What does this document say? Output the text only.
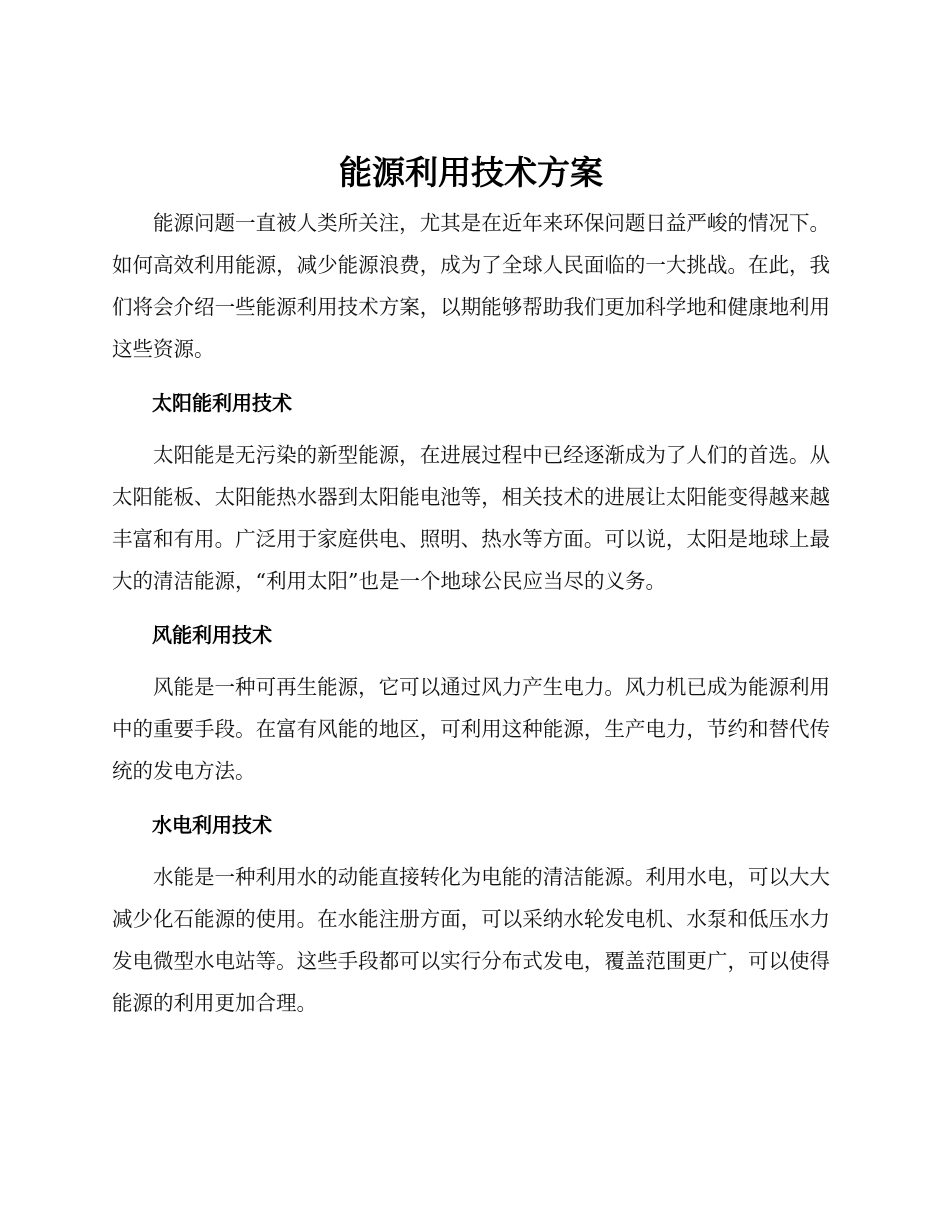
能源利用技术方案

能源问题一直被人类所关注，尤其是在近年来环保问题日益严峻的情况下。如何高效利用能源，减少能源浪费，成为了全球人民面临的一大挑战。在此，我们将会介绍一些能源利用技术方案，以期能够帮助我们更加科学地和健康地利用这些资源。

太阳能利用技术

太阳能是无污染的新型能源，在进展过程中已经逐渐成为了人们的首选。从太阳能板、太阳能热水器到太阳能电池等，相关技术的进展让太阳能变得越来越丰富和有用。广泛用于家庭供电、照明、热水等方面。可以说，太阳是地球上最大的清洁能源，“利用太阳”也是一个地球公民应当尽的义务。

风能利用技术

风能是一种可再生能源，它可以通过风力产生电力。风力机已成为能源利用中的重要手段。在富有风能的地区，可利用这种能源，生产电力，节约和替代传统的发电方法。

水电利用技术

水能是一种利用水的动能直接转化为电能的清洁能源。利用水电，可以大大减少化石能源的使用。在水能注册方面，可以采纳水轮发电机、水泵和低压水力发电微型水电站等。这些手段都可以实行分布式发电，覆盖范围更广，可以使得能源的利用更加合理。
